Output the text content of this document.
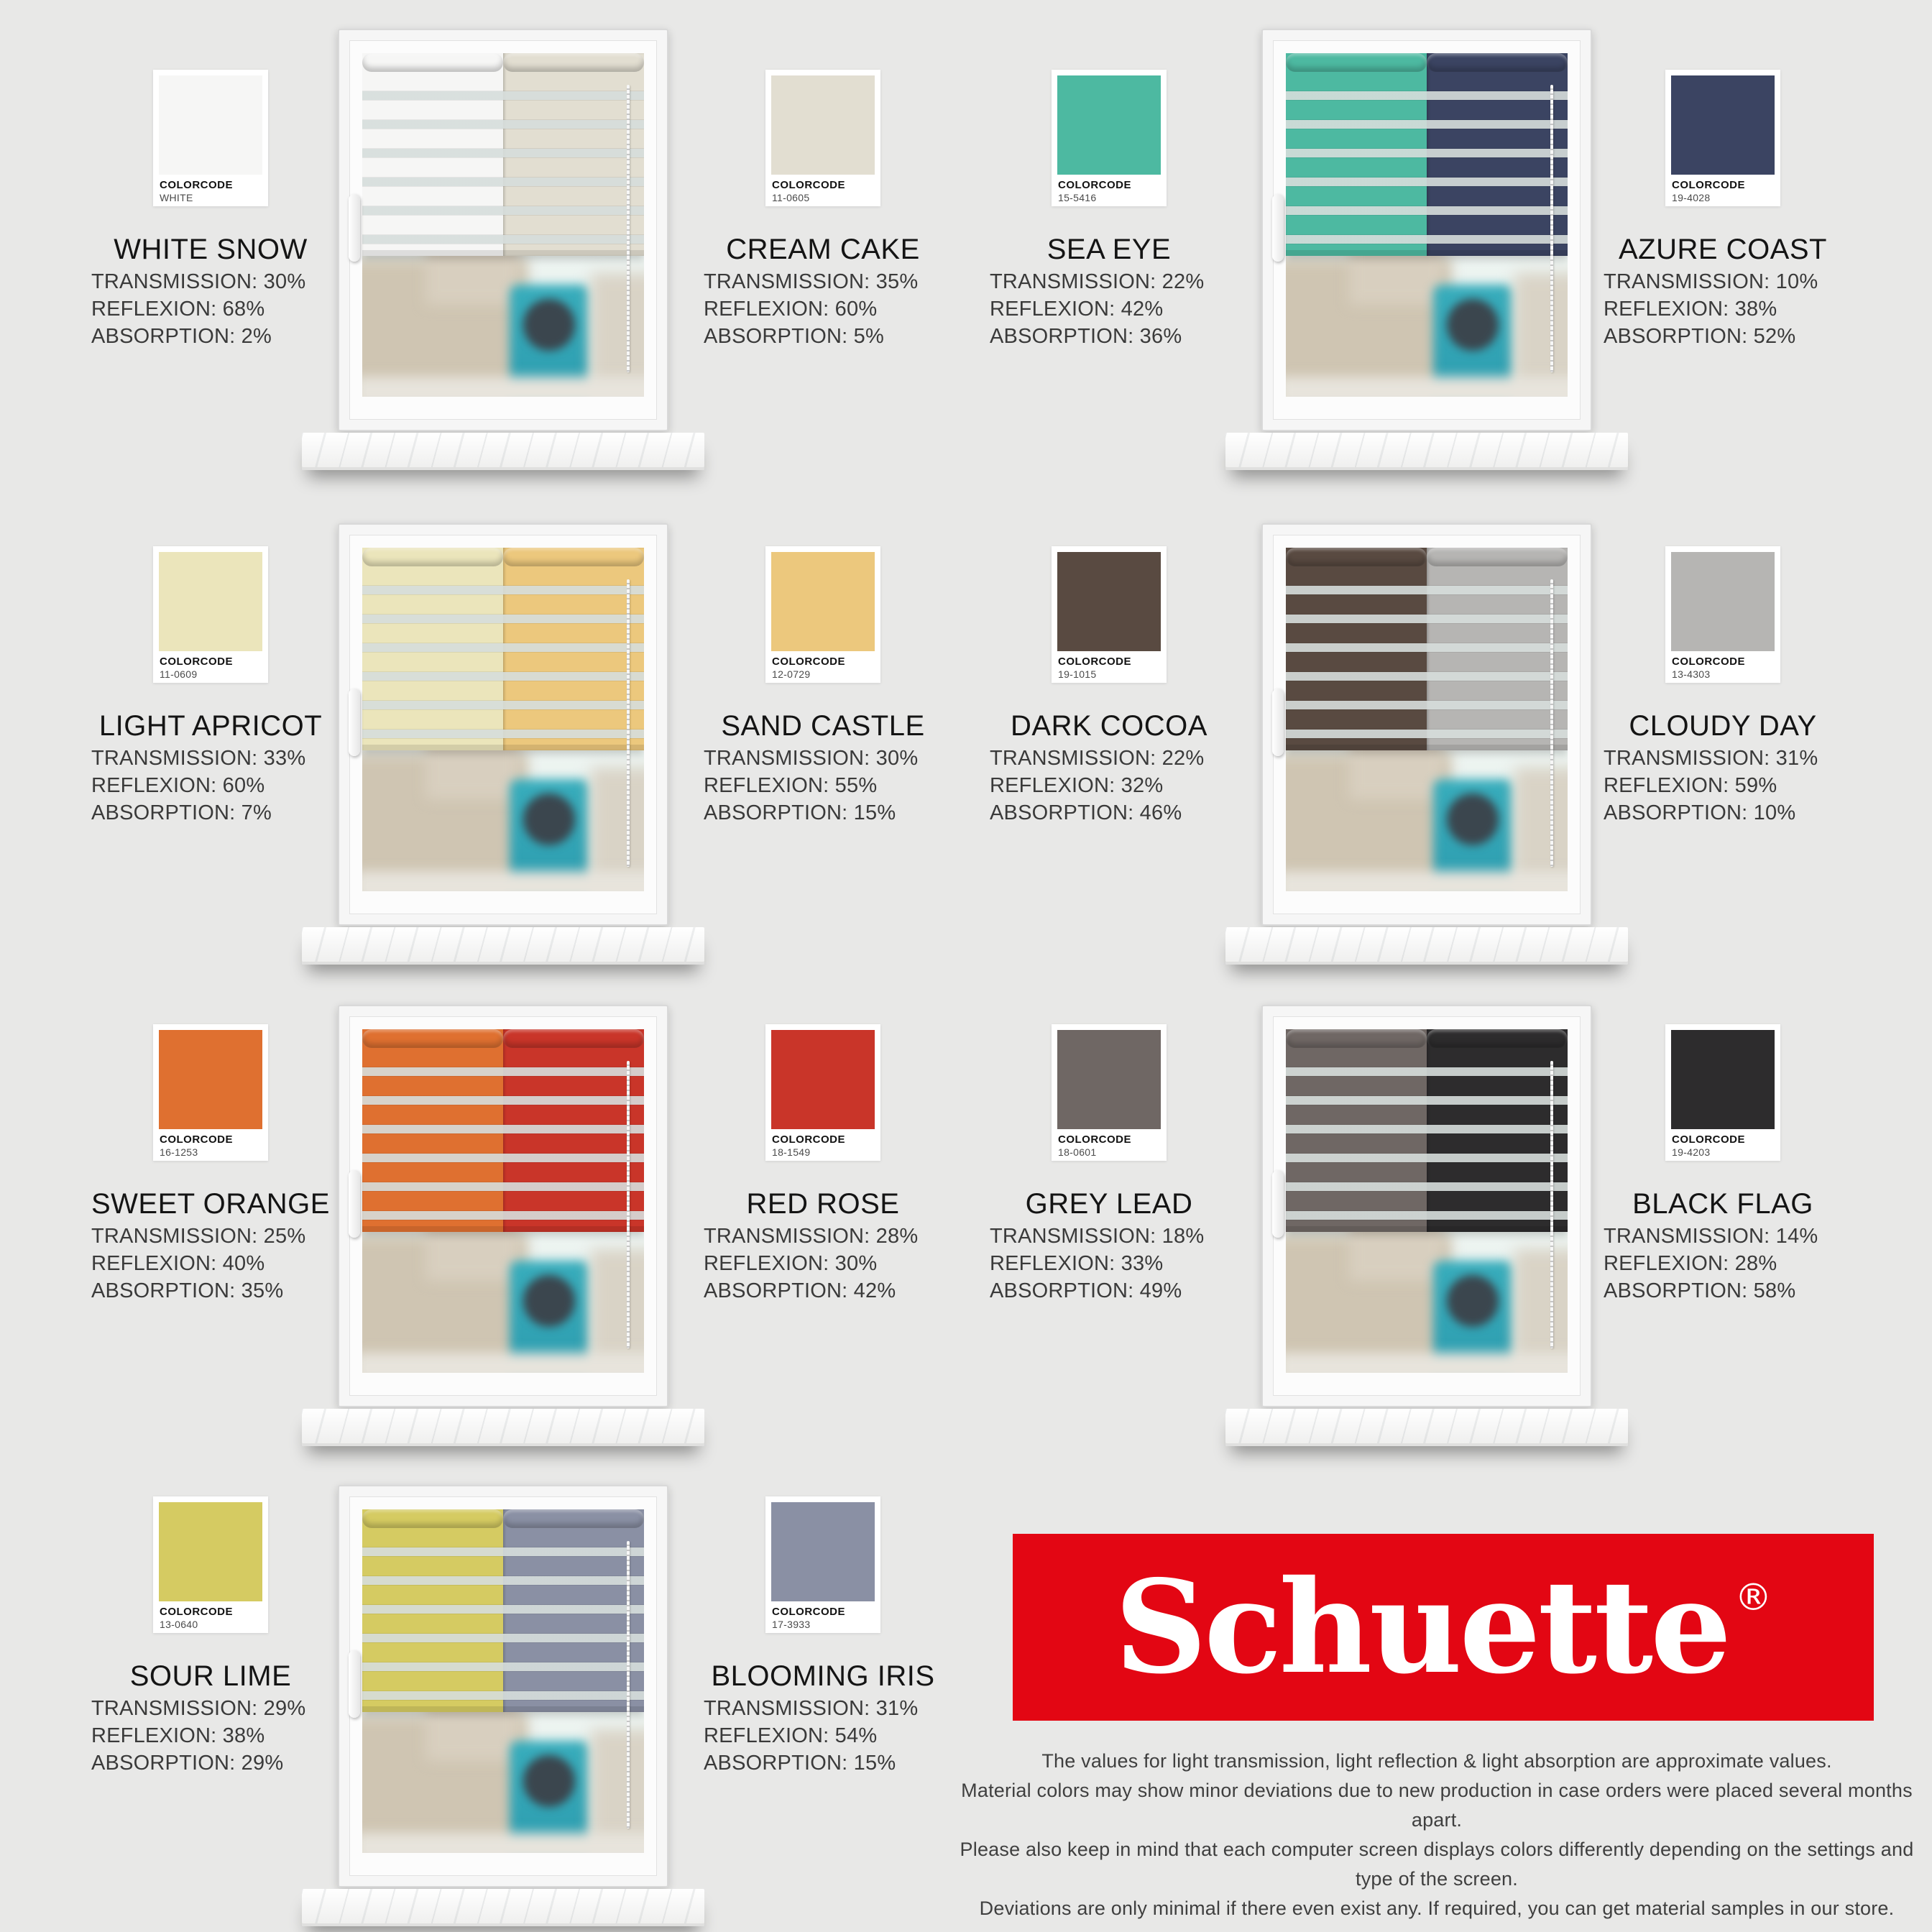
COLORCODE
WHITE
WHITE SNOW
TRANSMISSION: 30%
REFLEXION: 68%
ABSORPTION: 2%
COLORCODE
11-0605
CREAM CAKE
TRANSMISSION: 35%
REFLEXION: 60%
ABSORPTION: 5%
COLORCODE
15-5416
SEA EYE
TRANSMISSION: 22%
REFLEXION: 42%
ABSORPTION: 36%
COLORCODE
19-4028
AZURE COAST
TRANSMISSION: 10%
REFLEXION: 38%
ABSORPTION: 52%
COLORCODE
11-0609
LIGHT APRICOT
TRANSMISSION: 33%
REFLEXION: 60%
ABSORPTION: 7%
COLORCODE
12-0729
SAND CASTLE
TRANSMISSION: 30%
REFLEXION: 55%
ABSORPTION: 15%
COLORCODE
19-1015
DARK COCOA
TRANSMISSION: 22%
REFLEXION: 32%
ABSORPTION: 46%
COLORCODE
13-4303
CLOUDY DAY
TRANSMISSION: 31%
REFLEXION: 59%
ABSORPTION: 10%
COLORCODE
16-1253
SWEET ORANGE
TRANSMISSION: 25%
REFLEXION: 40%
ABSORPTION: 35%
COLORCODE
18-1549
RED ROSE
TRANSMISSION: 28%
REFLEXION: 30%
ABSORPTION: 42%
COLORCODE
18-0601
GREY LEAD
TRANSMISSION: 18%
REFLEXION: 33%
ABSORPTION: 49%
COLORCODE
19-4203
BLACK FLAG
TRANSMISSION: 14%
REFLEXION: 28%
ABSORPTION: 58%
COLORCODE
13-0640
SOUR LIME
TRANSMISSION: 29%
REFLEXION: 38%
ABSORPTION: 29%
COLORCODE
17-3933
BLOOMING IRIS
TRANSMISSION: 31%
REFLEXION: 54%
ABSORPTION: 15%
Schuette ®
The values for light transmission, light reflection & light absorption are approximate values.
Material colors may show minor deviations due to new production in case orders were placed several months apart.
Please also keep in mind that each computer screen displays colors differently depending on the settings and type of the screen.
Deviations are only minimal if there even exist any. If required, you can get material samples in our store.
